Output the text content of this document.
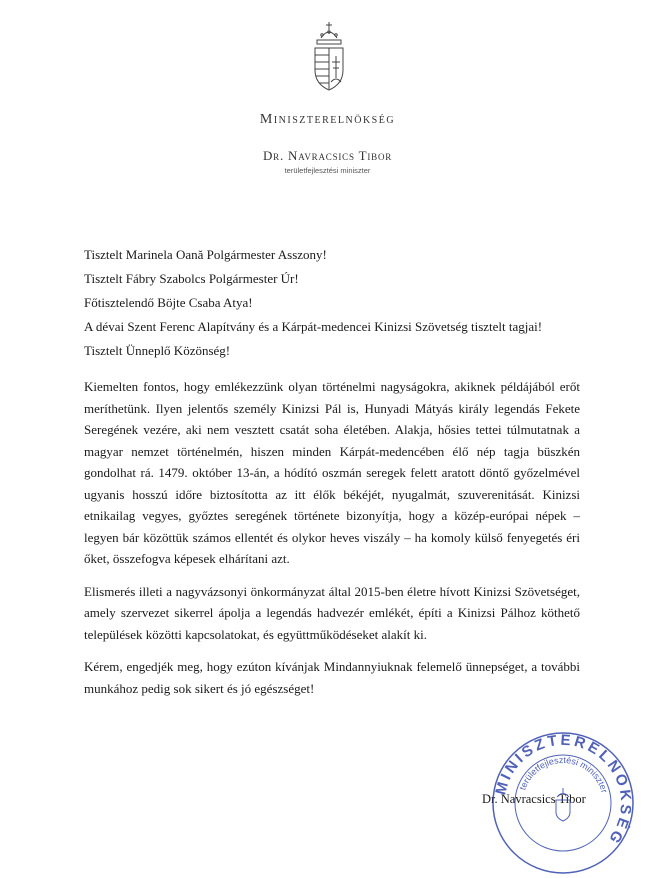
Miniszterelnökség
Dr. Navracsics Tibor
területfejlesztési miniszter
Tisztelt Marinela Oană Polgármester Asszony!
Tisztelt Fábry Szabolcs Polgármester Úr!
Főtisztelendő Böjte Csaba Atya!
A dévai Szent Ferenc Alapítvány és a Kárpát-medencei Kinizsi Szövetség tisztelt tagjai!
Tisztelt Ünneplő Közönség!

Kiemelten fontos, hogy emlékezzünk olyan történelmi nagyságokra, akiknek példájából erőt meríthetünk. Ilyen jelentős személy Kinizsi Pál is, Hunyadi Mátyás király legendás Fekete Seregének vezére, aki nem vesztett csatát soha életében. Alakja, hősies tettei túlmutatnak a magyar nemzet történelmén, hiszen minden Kárpát-medencében élő nép tagja büszkén gondolhat rá. 1479. október 13-án, a hódító oszmán seregek felett aratott döntő győzelmével ugyanis hosszú időre biztosította az itt élők békéjét, nyugalmát, szuverenitását. Kinizsi etnikailag vegyes, győztes seregének története bizonyítja, hogy a közép-európai népek – legyen bár közöttük számos ellentét és olykor heves viszály – ha komoly külső fenyegetés éri őket, összefogva képesek elhárítani azt.

Elismerés illeti a nagyvázsonyi önkormányzat által 2015-ben életre hívott Kinizsi Szövetséget, amely szervezet sikerrel ápolja a legendás hadvezér emlékét, építi a Kinizsi Pálhoz köthető települések közötti kapcsolatokat, és együttműködéseket alakít ki.

Kérem, engedjék meg, hogy ezúton kívánjak Mindannyiuknak felemelő ünnepséget, a további munkához pedig sok sikert és jó egészséget!

Dr. Navracsics Tibor
MINISZTERELNÖKSÉG
területfejlesztési miniszter
